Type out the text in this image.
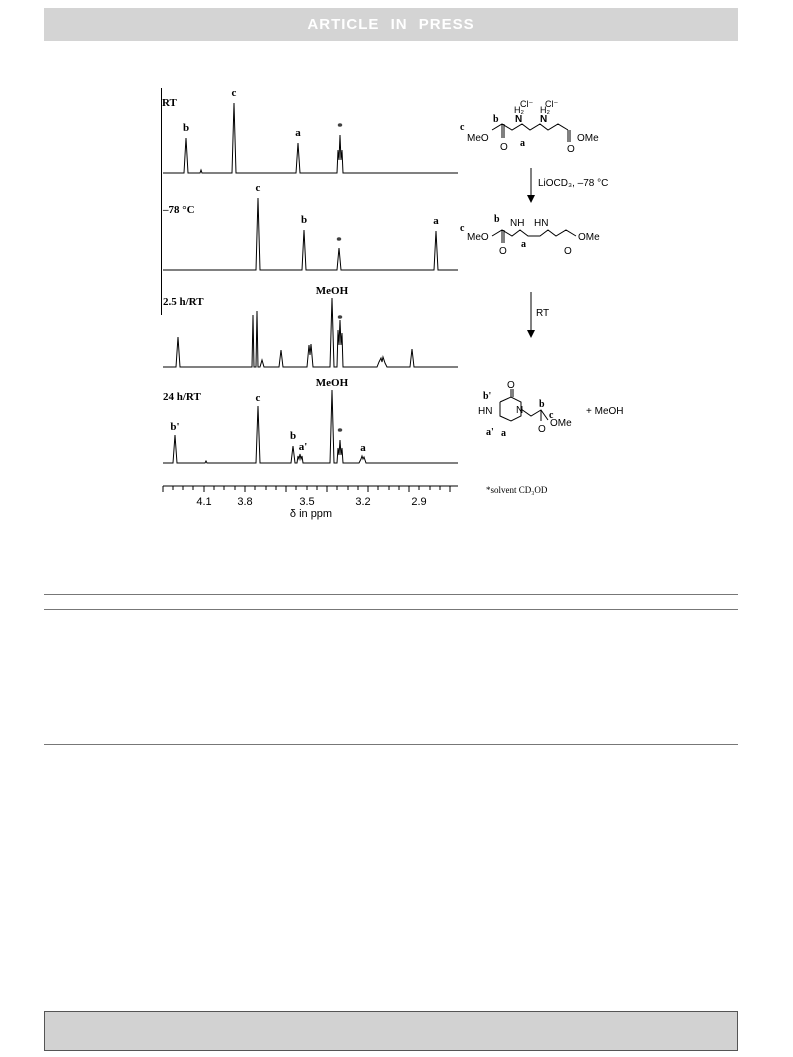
ARTICLE IN PRESS
RT
–78 °C
2.5 h/RT
24 h/RT
b
c
a	*
c
b
*
a
MeOH
*
b'
c
b
a'
MeOH
*
a
4.1 3.8	3.5	3.2	2.9
δ in ppm
MeO
O
N
H₂
N
H₂
Cl⁻ Cl⁻
OMe
O
c
b
a
LiOCD₃, –78 °C
MeO
O
NH HN
OMe
O
c
b
a
RT
O
HN N
OMe
O
+ MeOH
b'
a' a
b
c
*solvent CD₃OD
